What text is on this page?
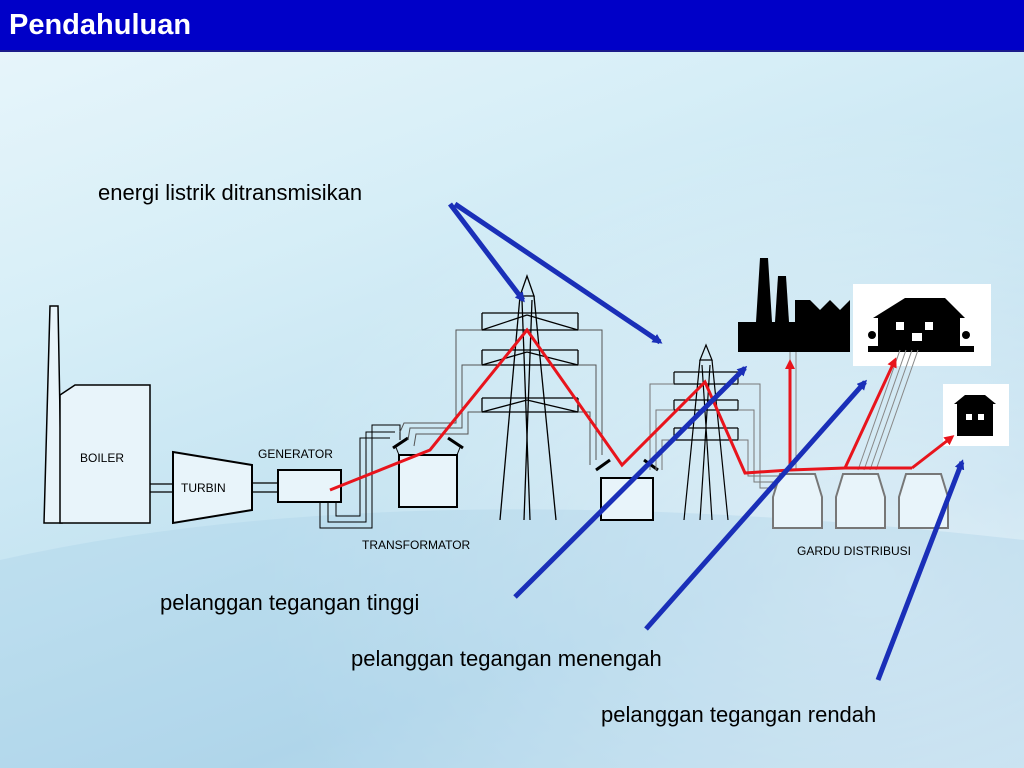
Pendahuluan
BOILER
TURBIN
GENERATOR
TRANSFORMATOR	GARDU DISTRIBUSI
energi listrik ditransmisikan
pelanggan tegangan tinggi
pelanggan tegangan menengah
pelanggan tegangan rendah
